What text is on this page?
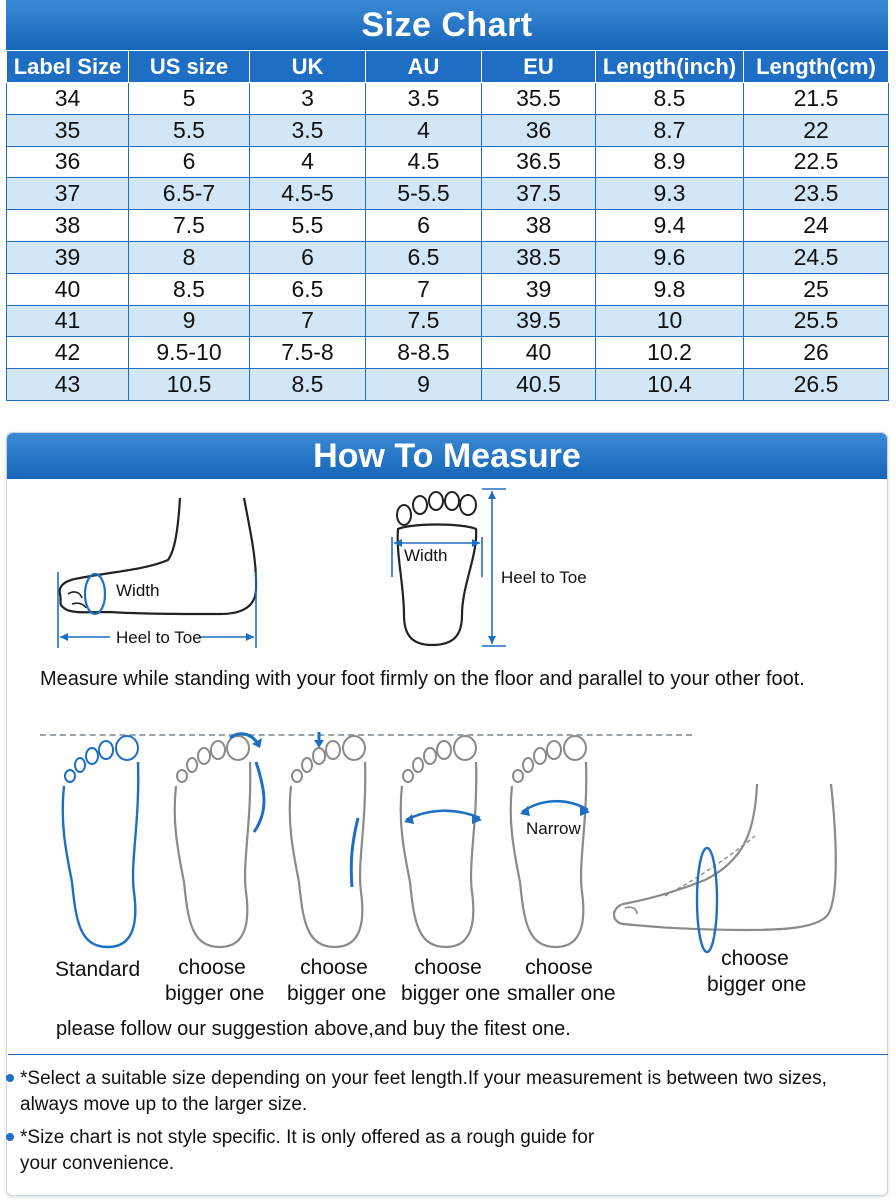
Size Chart
Label Size	US size	UK	AU	EU	Length(inch)	Length(cm)
34	5	3	3.5	35.5	8.5	21.5
35	5.5	3.5	4	36	8.7	22
36	6	4	4.5	36.5	8.9	22.5
37	6.5-7	4.5-5	5-5.5	37.5	9.3	23.5
38	7.5	5.5	6	38	9.4	24
39	8	6	6.5	38.5	9.6	24.5
40	8.5	6.5	7	39	9.8	25
41	9	7	7.5	39.5	10	25.5
42	9.5-10	7.5-8	8-8.5	40	10.2	26
43	10.5	8.5	9	40.5	10.4	26.5
How To Measure
Width
Heel to Toe
Width
Heel to Toe
Measure while standing with your foot firmly on the floor and parallel to your other foot.
Narrow
Standard	choose
bigger one
choose
bigger one
choose
bigger one
choose
smaller one
choose
bigger one
please follow our suggestion above,and buy the fitest one.
*Select a suitable size depending on your feet length.If your measurement is between two sizes,
always move up to the larger size.
*Size chart is not style specific. It is only offered as a rough guide for
your convenience.
